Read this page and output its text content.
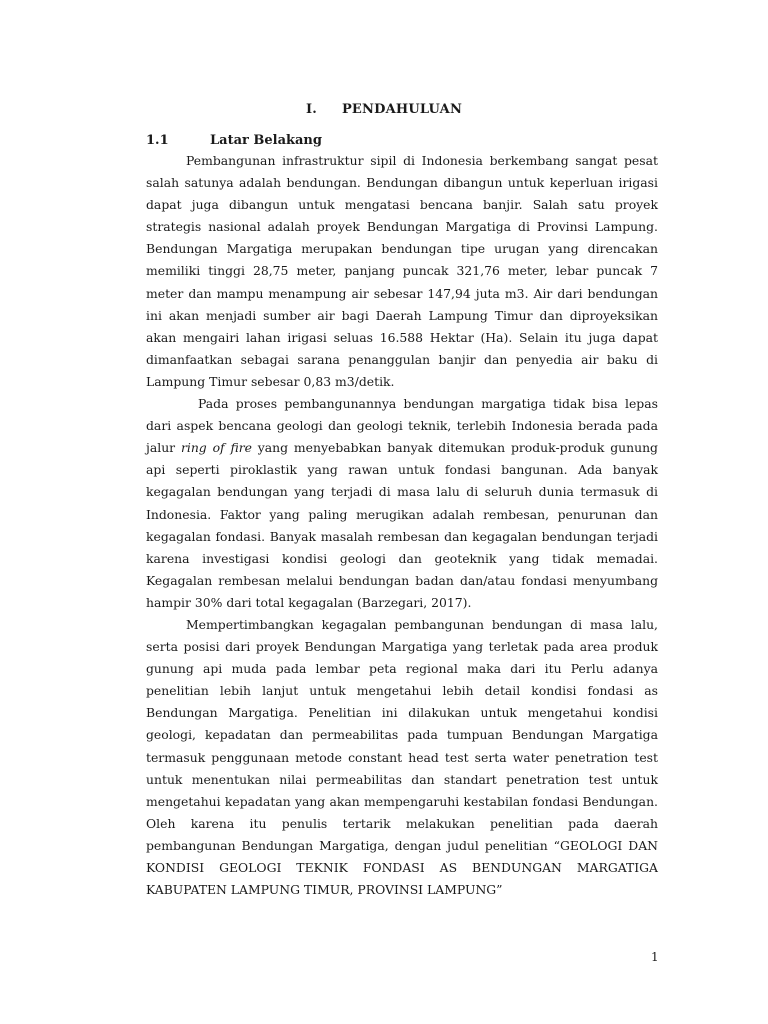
I. PENDAHULUAN
1.1	Latar Belakang

Pembangunan infrastruktur sipil di Indonesia berkembang sangat pesat salah satunya adalah bendungan. Bendungan dibangun untuk keperluan irigasi dapat juga dibangun untuk mengatasi bencana banjir. Salah satu proyek strategis nasional adalah proyek Bendungan Margatiga di Provinsi Lampung. Bendungan Margatiga merupakan bendungan tipe urugan yang direncakan memiliki tinggi 28,75 meter, panjang puncak 321,76 meter, lebar puncak 7 meter dan mampu menampung air sebesar 147,94 juta m3. Air dari bendungan ini akan menjadi sumber air bagi Daerah Lampung Timur dan diproyeksikan akan mengairi lahan irigasi seluas 16.588 Hektar (Ha). Selain itu juga dapat dimanfaatkan sebagai sarana penanggulan banjir dan penyedia air baku di Lampung Timur sebesar 0,83 m3/detik.

Pada proses pembangunannya bendungan margatiga tidak bisa lepas dari aspek bencana geologi dan geologi teknik, terlebih Indonesia berada pada jalur ring of fire yang menyebabkan banyak ditemukan produk-produk gunung api seperti piroklastik yang rawan untuk fondasi bangunan. Ada banyak kegagalan bendungan yang terjadi di masa lalu di seluruh dunia termasuk di Indonesia. Faktor yang paling merugikan adalah rembesan, penurunan dan kegagalan fondasi. Banyak masalah rembesan dan kegagalan bendungan terjadi karena investigasi kondisi geologi dan geoteknik yang tidak memadai. Kegagalan rembesan melalui bendungan badan dan/atau fondasi menyumbang hampir 30% dari total kegagalan (Barzegari, 2017).

Mempertimbangkan kegagalan pembangunan bendungan di masa lalu, serta posisi dari proyek Bendungan Margatiga yang terletak pada area produk gunung api muda pada lembar peta regional maka dari itu Perlu adanya penelitian lebih lanjut untuk mengetahui lebih detail kondisi fondasi as Bendungan Margatiga. Penelitian ini dilakukan untuk mengetahui kondisi geologi, kepadatan dan permeabilitas pada tumpuan Bendungan Margatiga termasuk penggunaan metode constant head test serta water penetration test untuk menentukan nilai permeabilitas dan standart penetration test untuk mengetahui kepadatan yang akan mempengaruhi kestabilan fondasi Bendungan. Oleh karena itu penulis tertarik melakukan penelitian pada daerah pembangunan Bendungan Margatiga, dengan judul penelitian “GEOLOGI DAN KONDISI GEOLOGI TEKNIK FONDASI AS BENDUNGAN MARGATIGA KABUPATEN LAMPUNG TIMUR, PROVINSI LAMPUNG”

1
